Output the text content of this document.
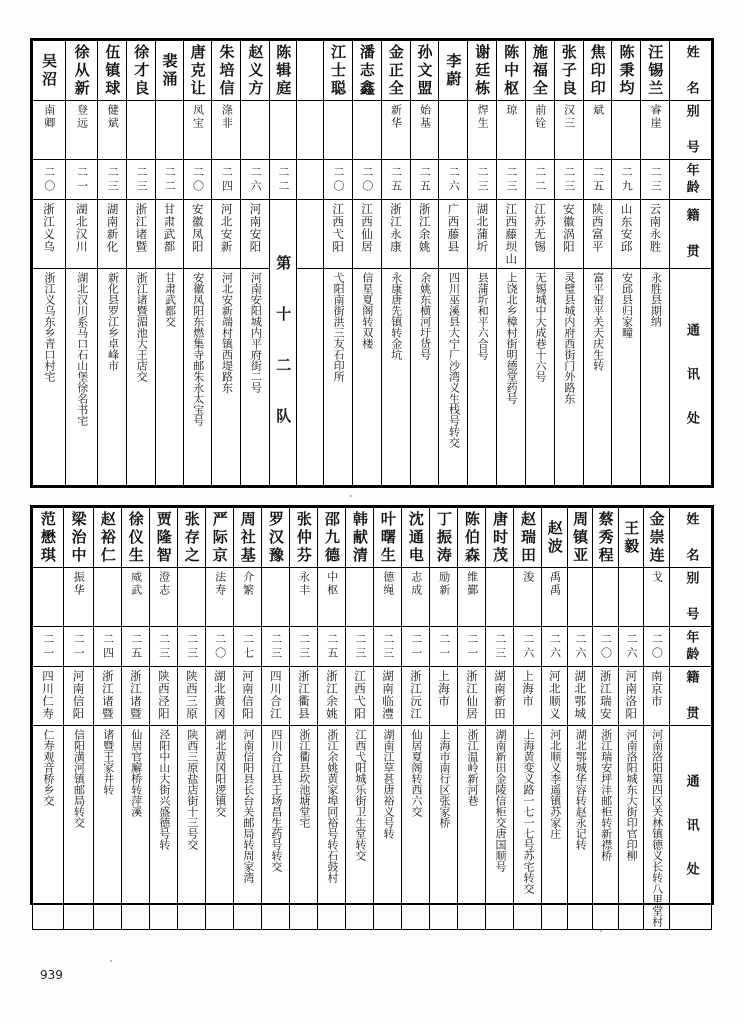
吴沼	徐从新	伍镇球	徐才良	裴涌	唐克让	朱培信	赵义方	陈辑庭		江士聪	潘志鑫	金正全	孙文盟	李蔚	谢廷栋	陈中枢	施福全	张子良	焦印印	陈秉均	汪锡兰	姓 名

南卿	登远	健斌			凤宝	涤非						新华	始基		焊生	琼	前铨	汉三	斌		睿崖	别 号

二〇	二一	二三	二三	二二	二〇	二四	二六	二二		二〇	二〇	二五	二五	二六	二三	二三	二二	二三	二五	二九	二三	年龄

浙江义乌	湖北汉川	湖南新化	浙江诸暨	甘肃武都	安徽凤阳	河北安新	河南安阳	第 十 二 队		江西弋阳	江西仙居	浙江永康	浙江余姚	广西藤县	湖北蒲圻	江西藤坝山	江苏无锡	安徽涡阳	陕西富平	山东安邱	云南永胜	籍 贯

浙江义乌东乡青口村宅	湖北汉川系马口石山堡徐名书宅	新化县罗江乡卓峰市	浙江诸暨湄池大王店交	甘肃武都交	安徽凤阳东燃集寺邮朱永太宝号	河北安新端村镇西堤路东	河南安阳城内平府街二号			弋阳南街洪三友石印所	信星夏阁转双楼	永康唐先镇转金坑	余姚东横河圩货号	四川巫溪县大宁厂沙湾义生栈号转交	县蒲圻和平六合号	上饶北乡樟村街明德堂药号	无锡城中大成巷十六号	灵璧县城内府西街门外路东	富平窑平关天庆生转	安邱县归家疃	永胜县期纳	通 讯 处
范懋琪	梁治中	赵裕仁	徐仪生	贾隆智	张存之	严际京	周社基	罗汉豫	张仲芬	邵九德	韩献清	叶曙生	沈通电	丁振涛	陈伯森	唐时茂	赵瑞田	赵波	周镇亚	蔡秀程	王毅	金崇连	姓 名

	振华		威武	澄志		法寿	介繁		永丰	中枢		德绳	志成	励新	维鄞		浚	禹禹				戈	别 号

二一	二一	二四	二五	二三	二三	二〇	二七	二三	二三	二五	二三	二三	二一	二一	二一	二三	二六	二六	二六	二〇	二六	二〇	年龄

四川仁寿	河南信阳	浙江诸暨	浙江诸暨	陕西泾阳	陕西三原	湖北黄冈	河南信阳	四川合江	浙江衢县	浙江余姚	江西弋阳	湖南临澧	浙江沅江	上海市	浙江仙居	湖南新田	上海市	河北顺义	湖北鄂城	浙江瑞安	河南洛阳	南京市	籍 贯

仁寿观音桥乡交	信阳潢河镇邮局转交	诸暨王家井转	仙居官廨桥转萍溪	泾阳中山大街兴盛德号转	陕西三原盐店街十三号交	湖北黄冈阳逻镇交	河南信阳县长台关邮局转周家湾	四川合江县王场昌生药号转交	浙江衢县坎池塘堂宅	浙江余姚黄家埠同裕号转石鼓村	江西弋阳城乐街卫生堂转交	湖南江草甚唐裕义号转	仙居夏阁转西六交	上海市南行区张家桥	浙江温岭新河巷	湖南新田金陵信柜交唐国顺号	上海黄变义路一七一七号苏宅转交	河北顺义李遥镇苏家庄	湖北鄂城华容转赵永记转	浙江瑞安坪沣邮柜转新襟桥	河南洛阳城东大街印官印柳	河南洛阳第四区关林镇德义长转八里堂村	通 讯 处
939
